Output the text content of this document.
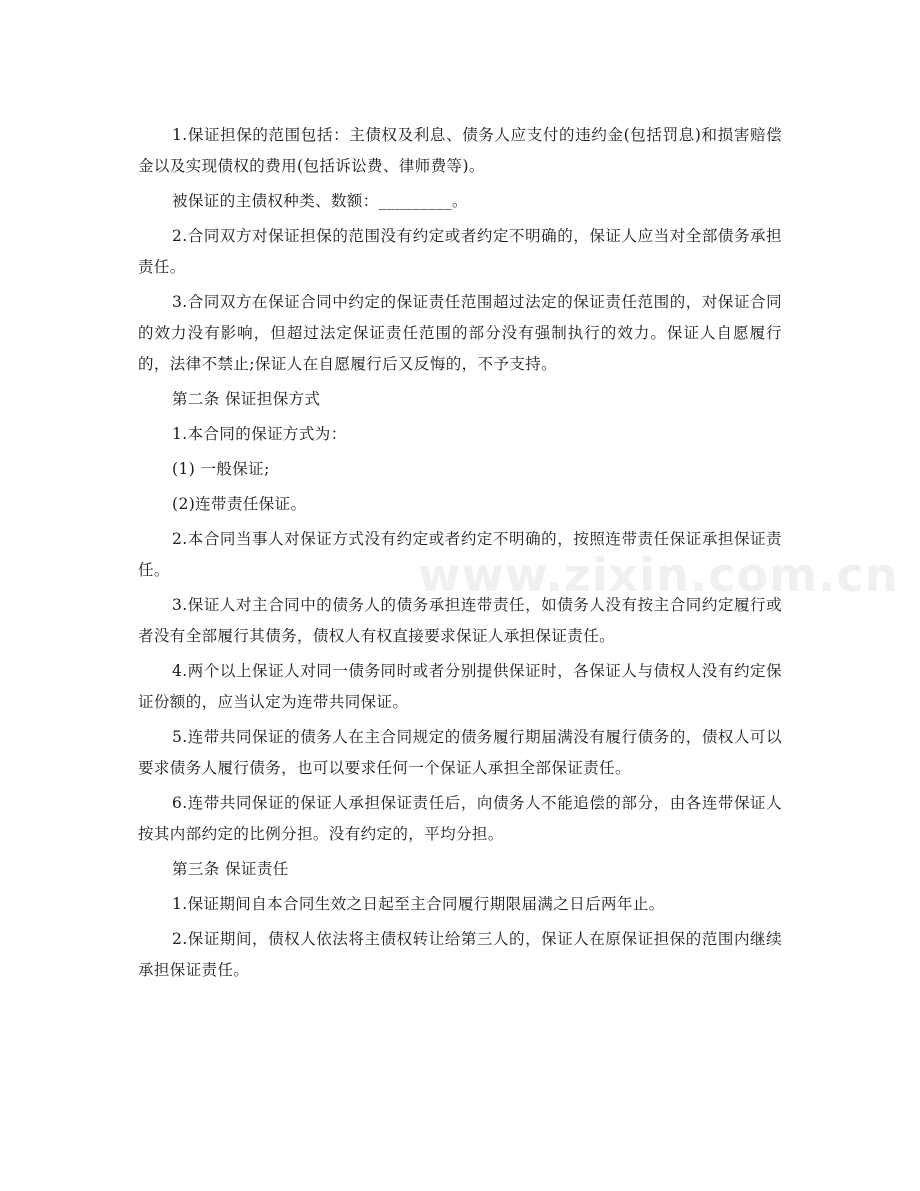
1.保证担保的范围包括：主债权及利息、债务人应支付的违约金(包括罚息)和损害赔偿金以及实现债权的费用(包括诉讼费、律师费等)。

被保证的主债权种类、数额：_________。

2.合同双方对保证担保的范围没有约定或者约定不明确的，保证人应当对全部债务承担责任。

3.合同双方在保证合同中约定的保证责任范围超过法定的保证责任范围的，对保证合同的效力没有影响，但超过法定保证责任范围的部分没有强制执行的效力。保证人自愿履行的，法律不禁止;保证人在自愿履行后又反悔的，不予支持。

第二条 保证担保方式

1.本合同的保证方式为：

(1) 一般保证;

(2)连带责任保证。

2.本合同当事人对保证方式没有约定或者约定不明确的，按照连带责任保证承担保证责任。

3.保证人对主合同中的债务人的债务承担连带责任，如债务人没有按主合同约定履行或者没有全部履行其债务，债权人有权直接要求保证人承担保证责任。

4.两个以上保证人对同一债务同时或者分别提供保证时，各保证人与债权人没有约定保证份额的，应当认定为连带共同保证。

5.连带共同保证的债务人在主合同规定的债务履行期届满没有履行债务的，债权人可以要求债务人履行债务，也可以要求任何一个保证人承担全部保证责任。

6.连带共同保证的保证人承担保证责任后，向债务人不能追偿的部分，由各连带保证人按其内部约定的比例分担。没有约定的，平均分担。

第三条 保证责任

1.保证期间自本合同生效之日起至主合同履行期限届满之日后两年止。

2.保证期间，债权人依法将主债权转让给第三人的，保证人在原保证担保的范围内继续承担保证责任。

www.zixin.com.cn
